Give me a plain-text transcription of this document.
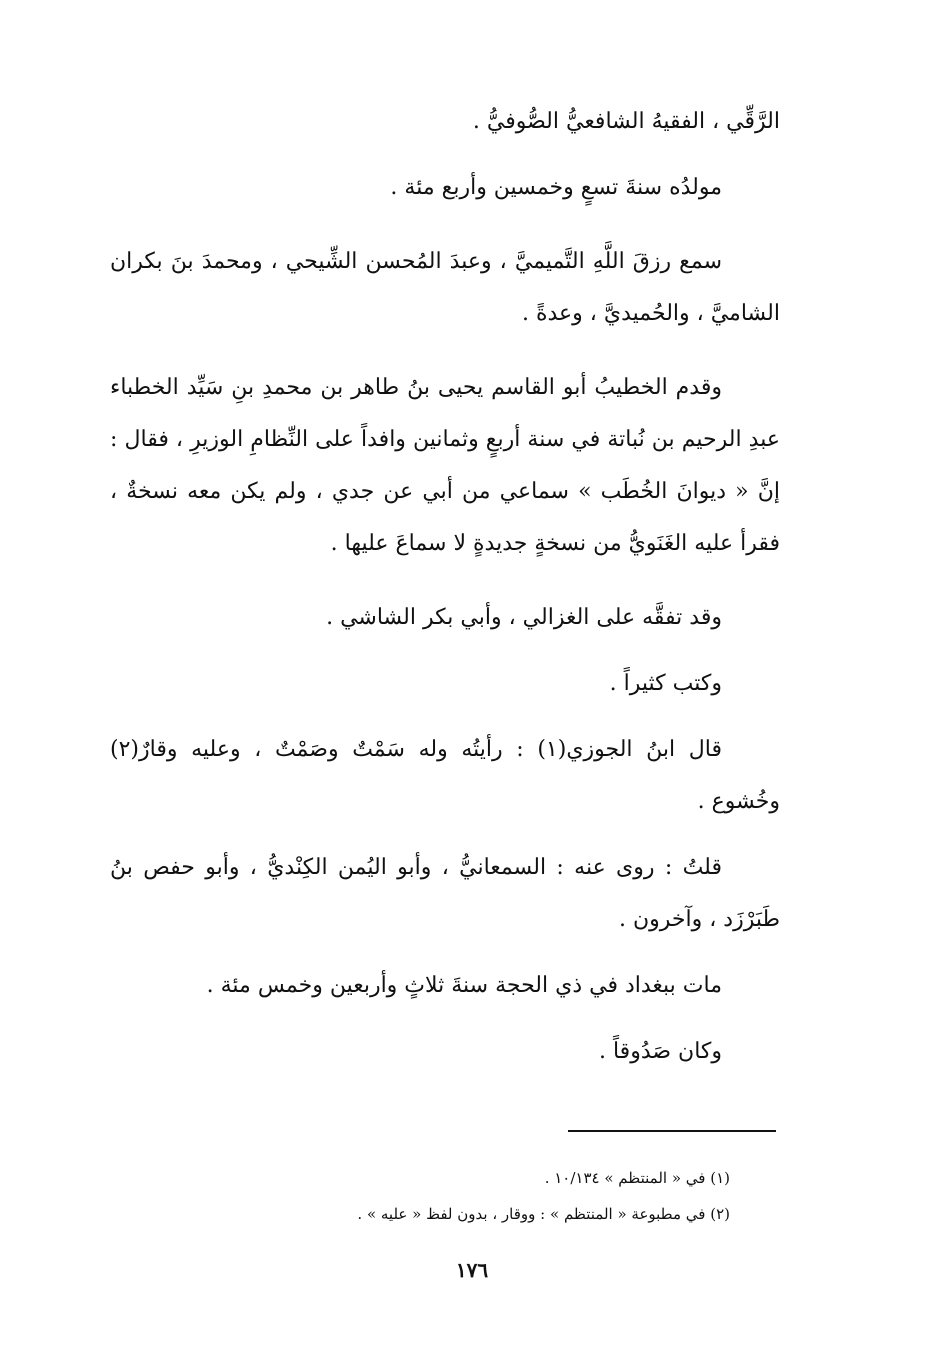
الرَّقِّي ، الفقيهُ الشافعيُّ الصُّوفيُّ .

مولدُه سنةَ تسعٍ وخمسين وأربع مئة .

سمع رزقَ اللَّهِ التَّميميَّ ، وعبدَ المُحسن الشِّيحي ، ومحمدَ بنَ بكران الشاميَّ ، والحُميديَّ ، وعدةً .

وقدم الخطيبُ أبو القاسم يحيى بنُ طاهر بن محمدِ بنِ سَيِّد الخطباء عبدِ الرحيم بن نُباتة في سنة أربعٍ وثمانين وافداً على النِّظامِ الوزيرِ ، فقال : إنَّ « ديوانَ الخُطَب » سماعي من أبي عن جدي ، ولم يكن معه نسخةٌ ، فقرأ عليه الغَنَويُّ من نسخةٍ جديدةٍ لا سماعَ عليها .

وقد تفقَّه على الغزالي ، وأبي بكر الشاشي .

وكتب كثيراً .

قال ابنُ الجوزي(١) : رأيتُه وله سَمْتٌ وصَمْتٌ ، وعليه وقارٌ(٢) وخُشوع .

قلتُ : روى عنه : السمعانيُّ ، وأبو اليُمن الكِنْديُّ ، وأبو حفص بنُ طَبَرْزَد ، وآخرون .

مات ببغداد في ذي الحجة سنةَ ثلاثٍ وأربعين وخمس مئة .

وكان صَدُوقاً .

(١) في « المنتظم » ١٠/١٣٤ .

(٢) في مطبوعة « المنتظم » : ووقار ، بدون لفظ « عليه » .

١٧٦
